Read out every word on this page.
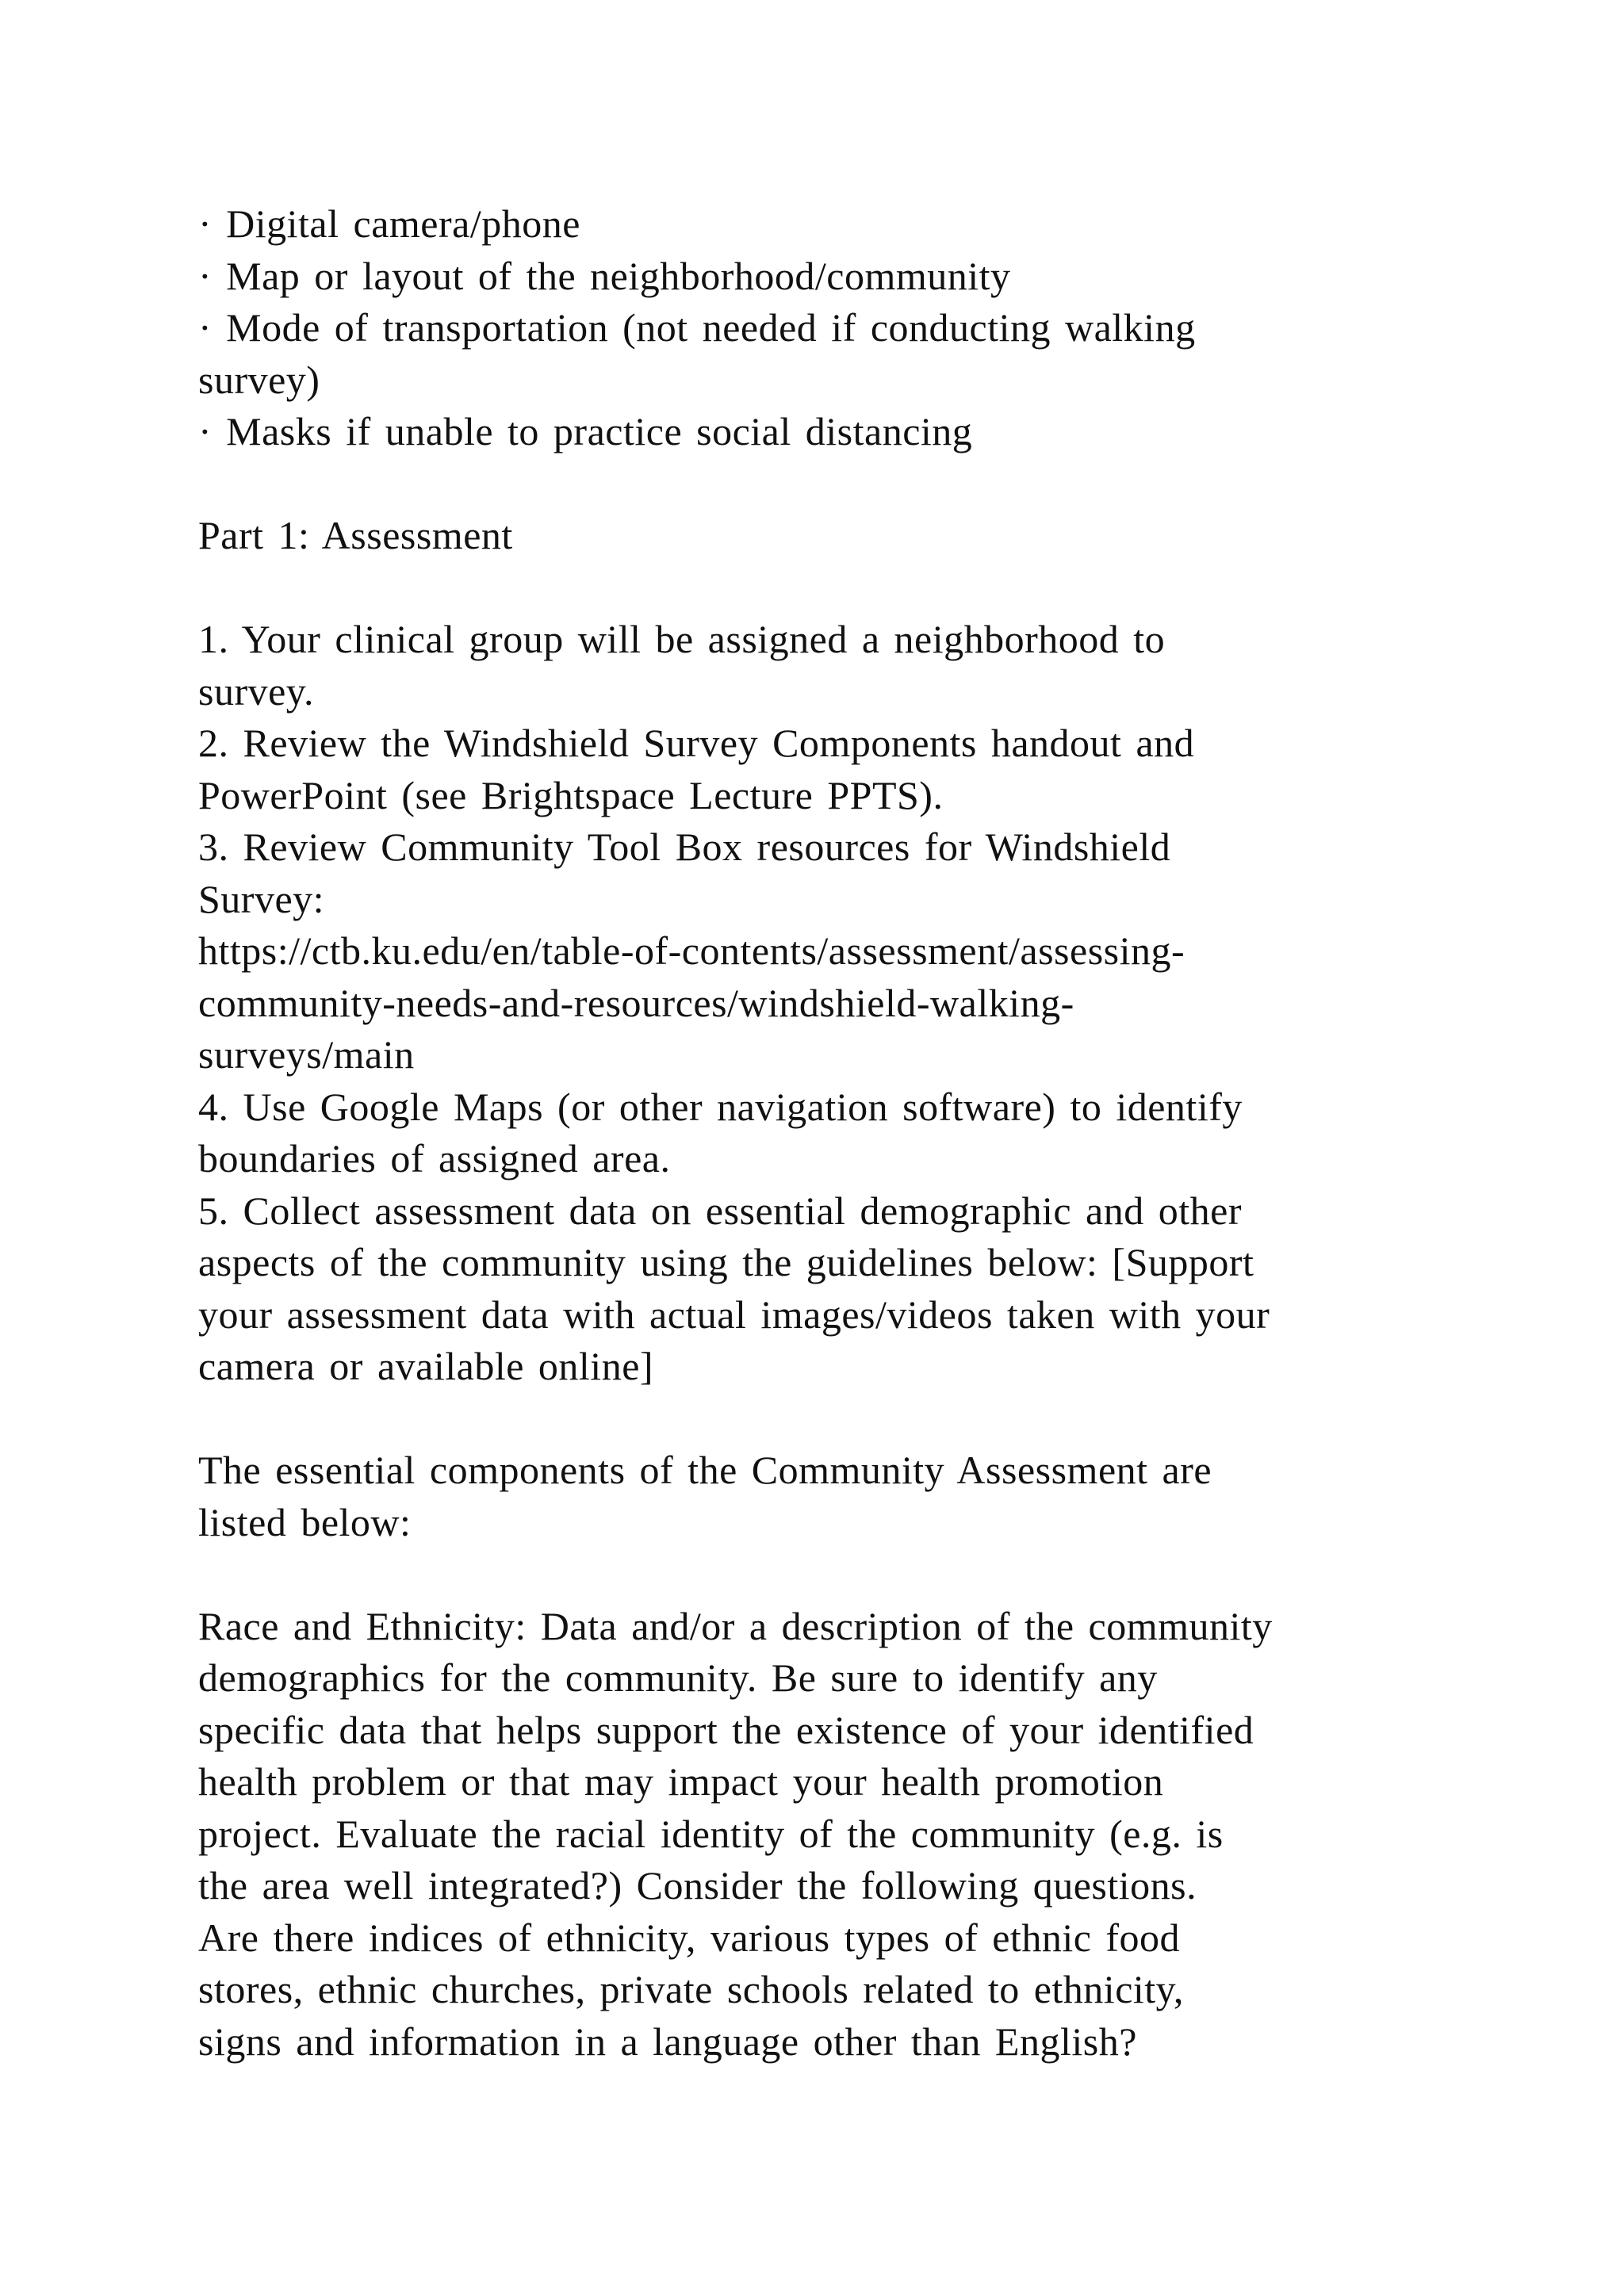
· Digital camera/phone
· Map or layout of the neighborhood/community
· Mode of transportation (not needed if conducting walking
survey)
· Masks if unable to practice social distancing
Part 1: Assessment
1. Your clinical group will be assigned a neighborhood to
survey.
2. Review the Windshield Survey Components handout and
PowerPoint (see Brightspace Lecture PPTS).
3. Review Community Tool Box resources for Windshield
Survey:
https://ctb.ku.edu/en/table-of-contents/assessment/assessing-
community-needs-and-resources/windshield-walking-
surveys/main
4. Use Google Maps (or other navigation software) to identify
boundaries of assigned area.
5. Collect assessment data on essential demographic and other
aspects of the community using the guidelines below: [Support
your assessment data with actual images/videos taken with your
camera or available online]
The essential components of the Community Assessment are
listed below:
Race and Ethnicity: Data and/or a description of the community
demographics for the community. Be sure to identify any
specific data that helps support the existence of your identified
health problem or that may impact your health promotion
project. Evaluate the racial identity of the community (e.g. is
the area well integrated?) Consider the following questions.
Are there indices of ethnicity, various types of ethnic food
stores, ethnic churches, private schools related to ethnicity,
signs and information in a language other than English?
